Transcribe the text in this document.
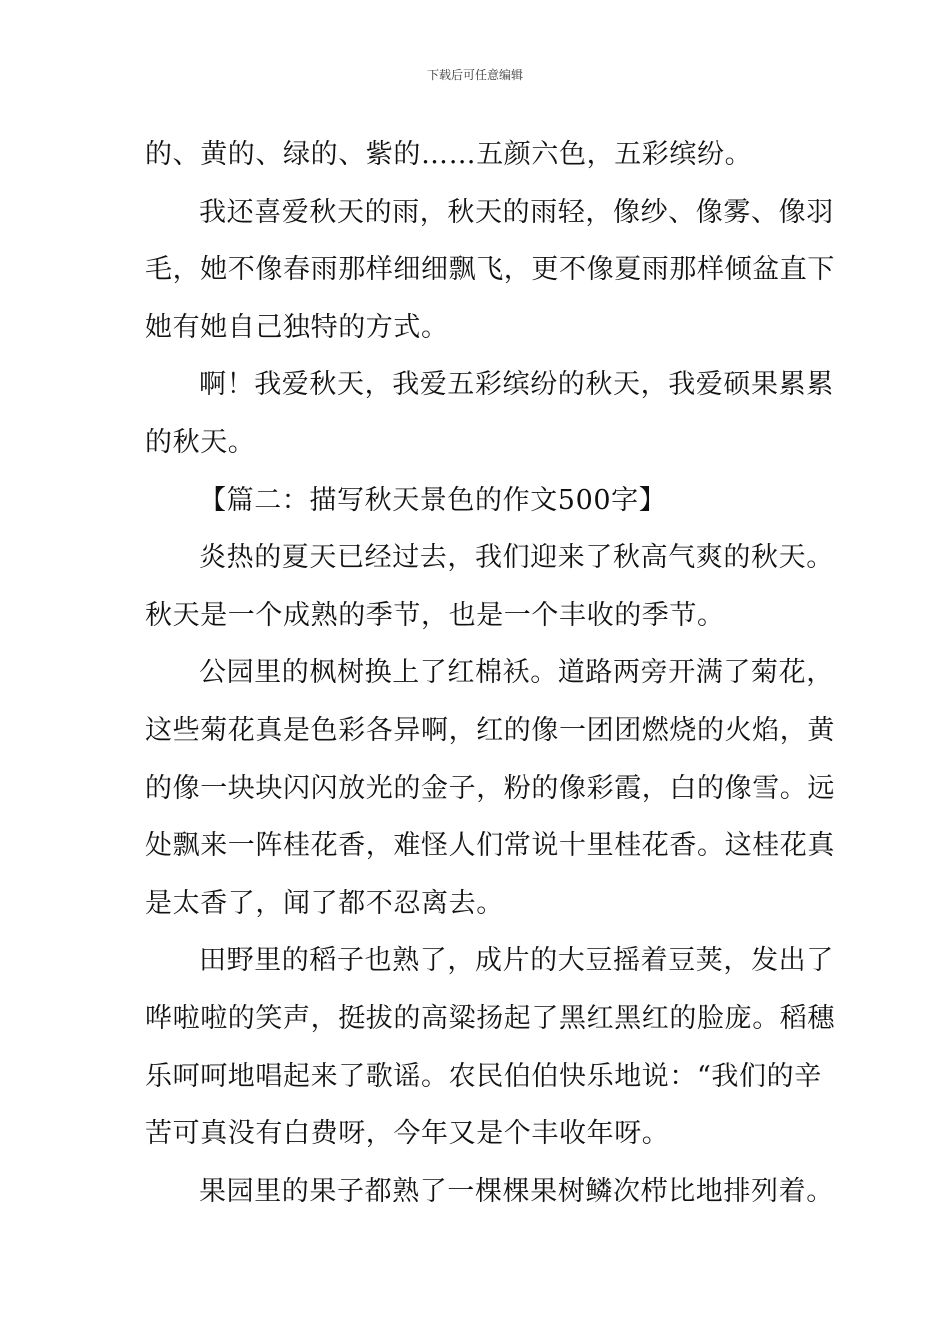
下载后可任意编辑
的、黄的、绿的、紫的……五颜六色，五彩缤纷。
我还喜爱秋天的雨，秋天的雨轻，像纱、像雾、像羽
毛，她不像春雨那样细细飘飞，更不像夏雨那样倾盆直下
她有她自己独特的方式。
啊！我爱秋天，我爱五彩缤纷的秋天，我爱硕果累累
的秋天。
【篇二：描写秋天景色的作文500字】
炎热的夏天已经过去，我们迎来了秋高气爽的秋天。
秋天是一个成熟的季节，也是一个丰收的季节。
公园里的枫树换上了红棉袄。道路两旁开满了菊花，
这些菊花真是色彩各异啊，红的像一团团燃烧的火焰，黄
的像一块块闪闪放光的金子，粉的像彩霞，白的像雪。远
处飘来一阵桂花香，难怪人们常说十里桂花香。这桂花真
是太香了，闻了都不忍离去。
田野里的稻子也熟了，成片的大豆摇着豆荚，发出了
哗啦啦的笑声，挺拔的高粱扬起了黑红黑红的脸庞。稻穗
乐呵呵地唱起来了歌谣。农民伯伯快乐地说：“我们的辛
苦可真没有白费呀，今年又是个丰收年呀。
果园里的果子都熟了一棵棵果树鳞次栉比地排列着。
